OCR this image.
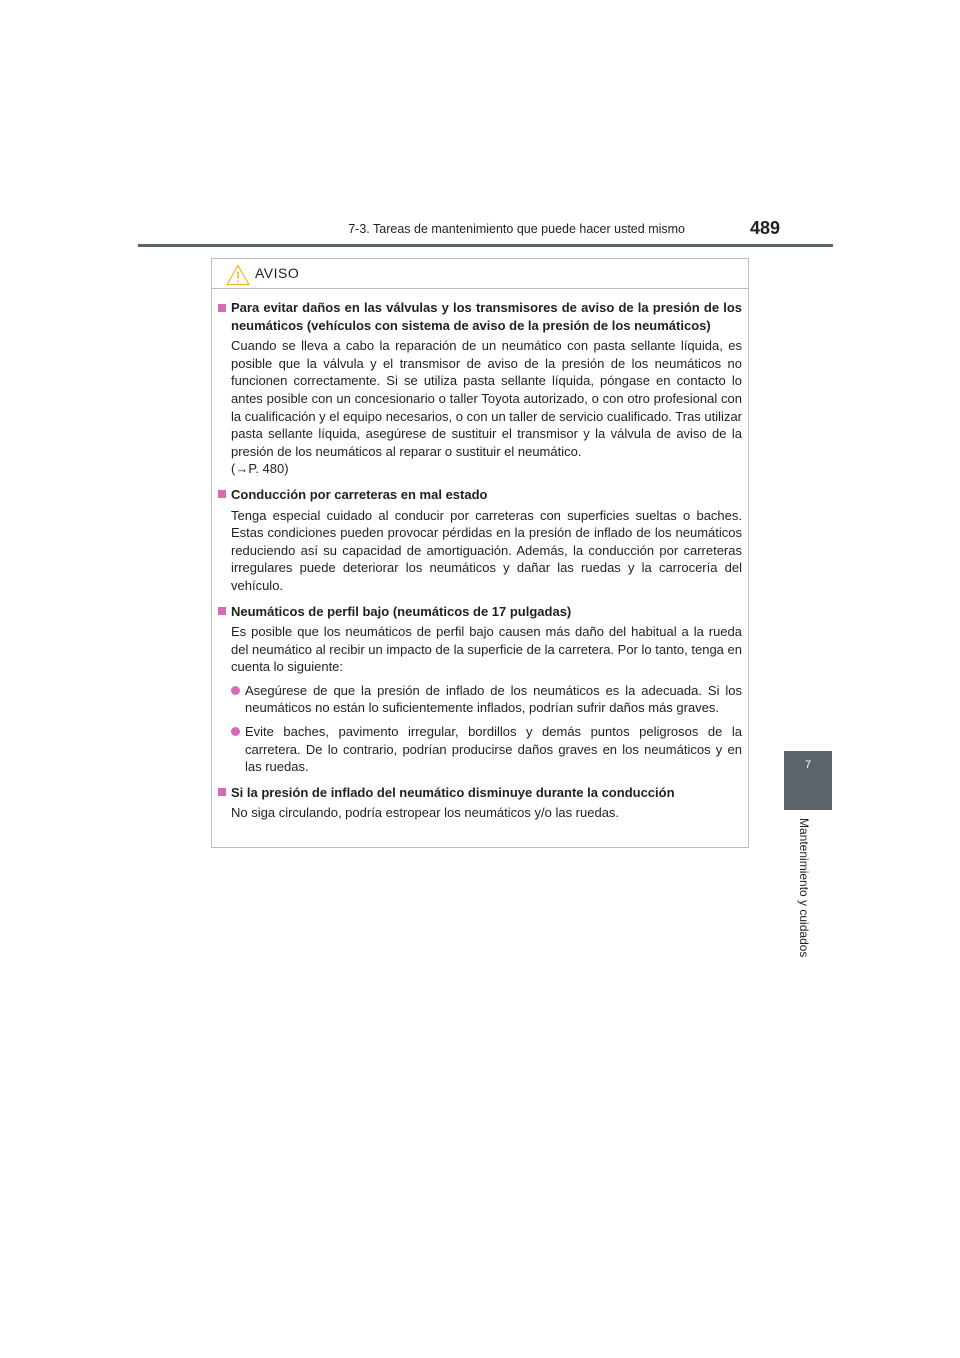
7-3. Tareas de mantenimiento que puede hacer usted mismo	489
7
Mantenimiento y cuidados
AVISO
Para evitar daños en las válvulas y los transmisores de aviso de la presión de los neumáticos (vehículos con sistema de aviso de la presión de los neumáticos)
Cuando se lleva a cabo la reparación de un neumático con pasta sellante líquida, es posible que la válvula y el transmisor de aviso de la presión de los neumáticos no funcionen correctamente. Si se utiliza pasta sellante líquida, póngase en contacto lo antes posible con un concesionario o taller Toyota autorizado, o con otro profesional con la cualificación y el equipo necesarios, o con un taller de servicio cualificado. Tras utilizar pasta sellante líquida, asegúrese de sustituir el transmisor y la válvula de aviso de la presión de los neumáticos al reparar o sustituir el neumático.
(→P. 480)
Conducción por carreteras en mal estado
Tenga especial cuidado al conducir por carreteras con superficies sueltas o baches. Estas condiciones pueden provocar pérdidas en la presión de inflado de los neumáticos reduciendo así su capacidad de amortiguación. Además, la conducción por carreteras irregulares puede deteriorar los neumáticos y dañar las ruedas y la carrocería del vehículo.
Neumáticos de perfil bajo (neumáticos de 17 pulgadas)
Es posible que los neumáticos de perfil bajo causen más daño del habitual a la rueda del neumático al recibir un impacto de la superficie de la carretera. Por lo tanto, tenga en cuenta lo siguiente:
Asegúrese de que la presión de inflado de los neumáticos es la adecuada. Si los neumáticos no están lo suficientemente inflados, podrían sufrir daños más graves.
Evite baches, pavimento irregular, bordillos y demás puntos peligrosos de la carretera. De lo contrario, podrían producirse daños graves en los neumáticos y en las ruedas.
Si la presión de inflado del neumático disminuye durante la conducción
No siga circulando, podría estropear los neumáticos y/o las ruedas.
